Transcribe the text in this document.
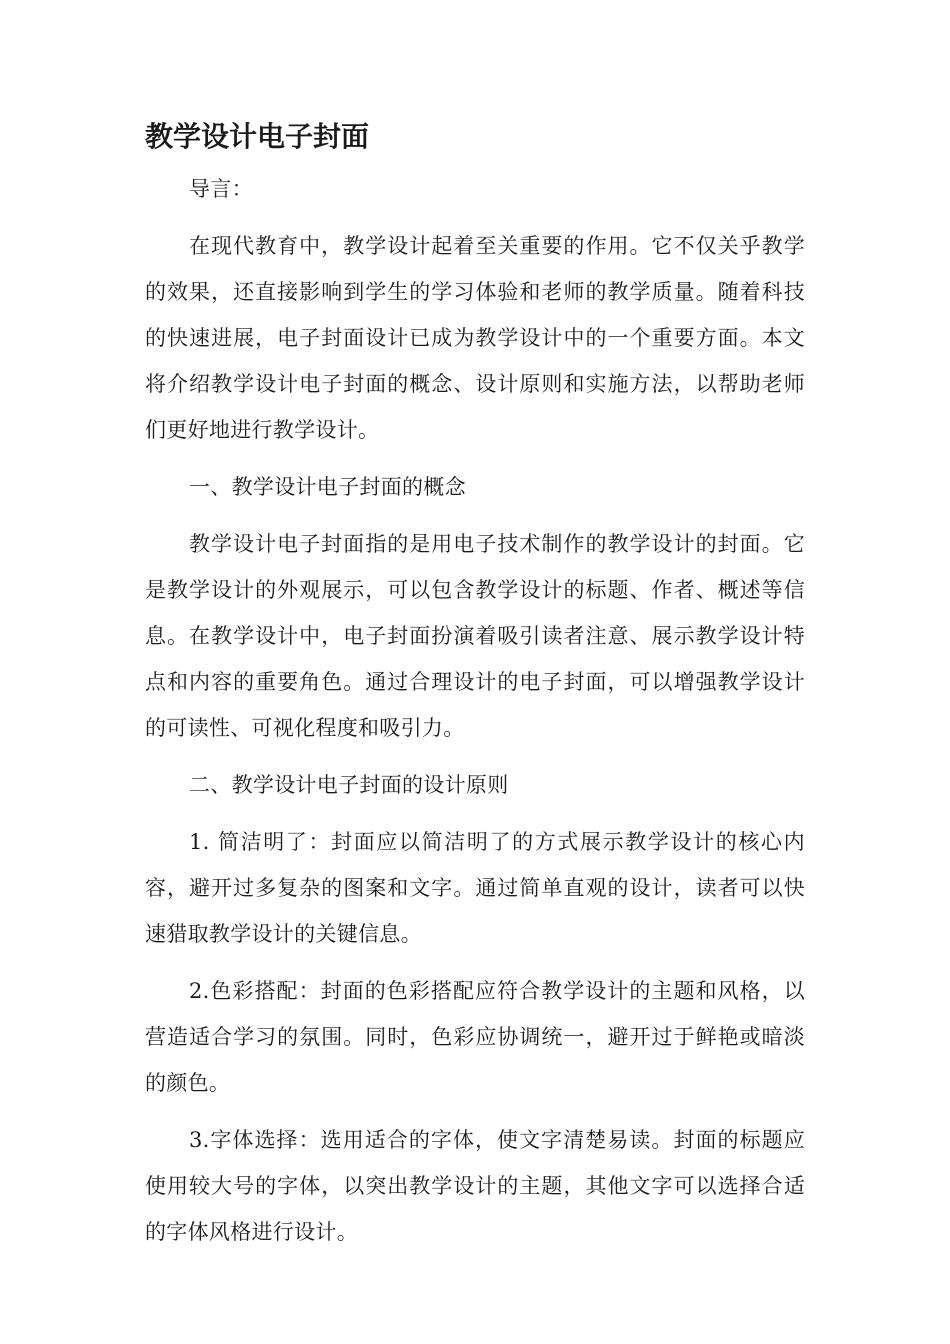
教学设计电子封面

导言：

在现代教育中，教学设计起着至关重要的作用。它不仅关乎教学的效果，还直接影响到学生的学习体验和老师的教学质量。随着科技的快速进展，电子封面设计已成为教学设计中的一个重要方面。本文将介绍教学设计电子封面的概念、设计原则和实施方法，以帮助老师们更好地进行教学设计。

一、教学设计电子封面的概念

教学设计电子封面指的是用电子技术制作的教学设计的封面。它是教学设计的外观展示，可以包含教学设计的标题、作者、概述等信息。在教学设计中，电子封面扮演着吸引读者注意、展示教学设计特点和内容的重要角色。通过合理设计的电子封面，可以增强教学设计的可读性、可视化程度和吸引力。

二、教学设计电子封面的设计原则

1. 简洁明了：封面应以简洁明了的方式展示教学设计的核心内容，避开过多复杂的图案和文字。通过简单直观的设计，读者可以快速猎取教学设计的关键信息。

2.色彩搭配：封面的色彩搭配应符合教学设计的主题和风格，以营造适合学习的氛围。同时，色彩应协调统一，避开过于鲜艳或暗淡的颜色。

3.字体选择：选用适合的字体，使文字清楚易读。封面的标题应使用较大号的字体，以突出教学设计的主题，其他文字可以选择合适的字体风格进行设计。
